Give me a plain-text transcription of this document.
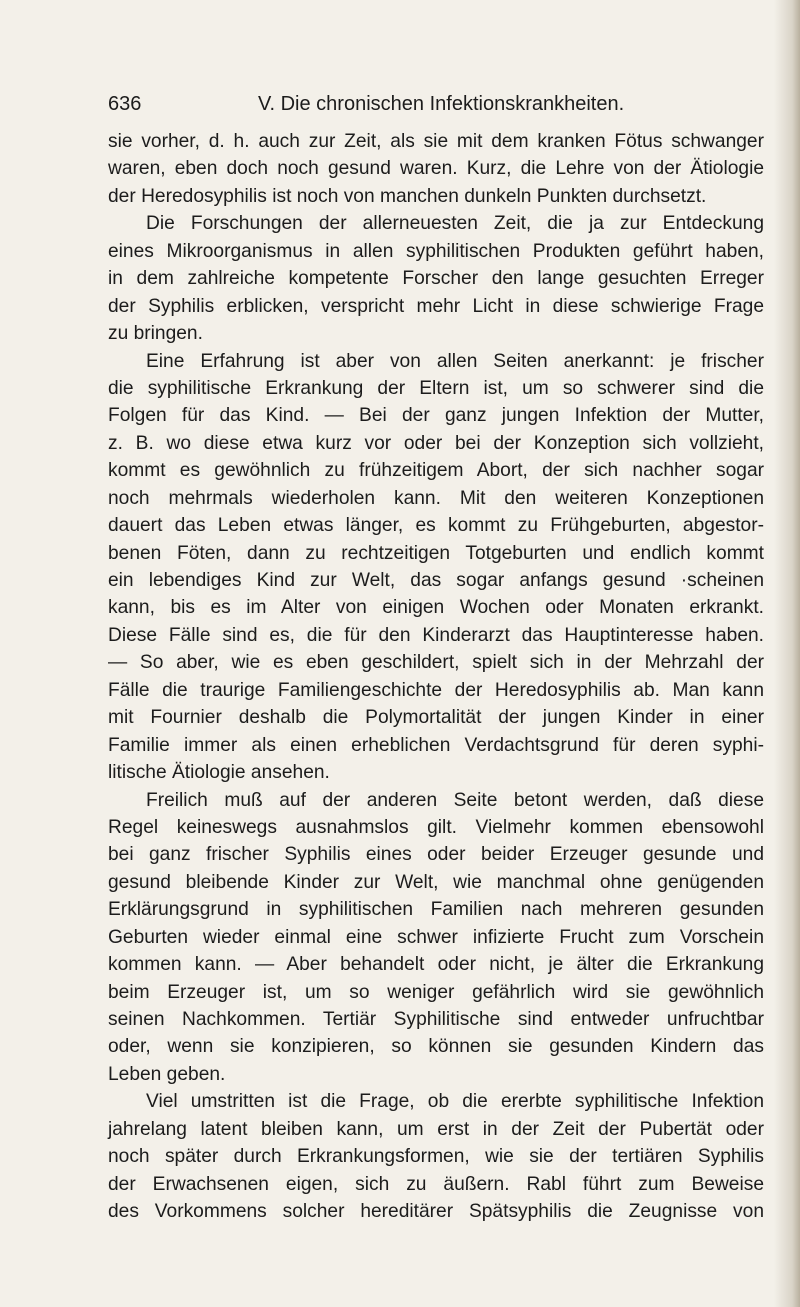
636	V. Die chronischen Infektionskrankheiten.
sie vorher, d. h. auch zur Zeit, als sie mit dem kranken Fötus schwanger
waren, eben doch noch gesund waren. Kurz, die Lehre von der Ätiologie
der Heredosyphilis ist noch von manchen dunkeln Punkten durchsetzt.
Die Forschungen der allerneuesten Zeit, die ja zur Entdeckung
eines Mikroorganismus in allen syphilitischen Produkten geführt haben,
in dem zahlreiche kompetente Forscher den lange gesuchten Erreger
der Syphilis erblicken, verspricht mehr Licht in diese schwierige Frage
zu bringen.
Eine Erfahrung ist aber von allen Seiten anerkannt: je frischer
die syphilitische Erkrankung der Eltern ist, um so schwerer sind die
Folgen für das Kind. — Bei der ganz jungen Infektion der Mutter,
z. B. wo diese etwa kurz vor oder bei der Konzeption sich vollzieht,
kommt es gewöhnlich zu frühzeitigem Abort, der sich nachher sogar
noch mehrmals wiederholen kann. Mit den weiteren Konzeptionen
dauert das Leben etwas länger, es kommt zu Frühgeburten, abgestor-
benen Föten, dann zu rechtzeitigen Totgeburten und endlich kommt
ein lebendiges Kind zur Welt, das sogar anfangs gesund ·scheinen
kann, bis es im Alter von einigen Wochen oder Monaten erkrankt.
Diese Fälle sind es, die für den Kinderarzt das Hauptinteresse haben.
— So aber, wie es eben geschildert, spielt sich in der Mehrzahl der
Fälle die traurige Familiengeschichte der Heredosyphilis ab. Man kann
mit Fournier deshalb die Polymortalität der jungen Kinder in einer
Familie immer als einen erheblichen Verdachtsgrund für deren syphi-
litische Ätiologie ansehen.
Freilich muß auf der anderen Seite betont werden, daß diese
Regel keineswegs ausnahmslos gilt. Vielmehr kommen ebensowohl
bei ganz frischer Syphilis eines oder beider Erzeuger gesunde und
gesund bleibende Kinder zur Welt, wie manchmal ohne genügenden
Erklärungsgrund in syphilitischen Familien nach mehreren gesunden
Geburten wieder einmal eine schwer infizierte Frucht zum Vorschein
kommen kann. — Aber behandelt oder nicht, je älter die Erkrankung
beim Erzeuger ist, um so weniger gefährlich wird sie gewöhnlich
seinen Nachkommen. Tertiär Syphilitische sind entweder unfruchtbar
oder, wenn sie konzipieren, so können sie gesunden Kindern das
Leben geben.
Viel umstritten ist die Frage, ob die ererbte syphilitische Infektion
jahrelang latent bleiben kann, um erst in der Zeit der Pubertät oder
noch später durch Erkrankungsformen, wie sie der tertiären Syphilis
der Erwachsenen eigen, sich zu äußern. Rabl führt zum Beweise
des Vorkommens solcher hereditärer Spätsyphilis die Zeugnisse von
